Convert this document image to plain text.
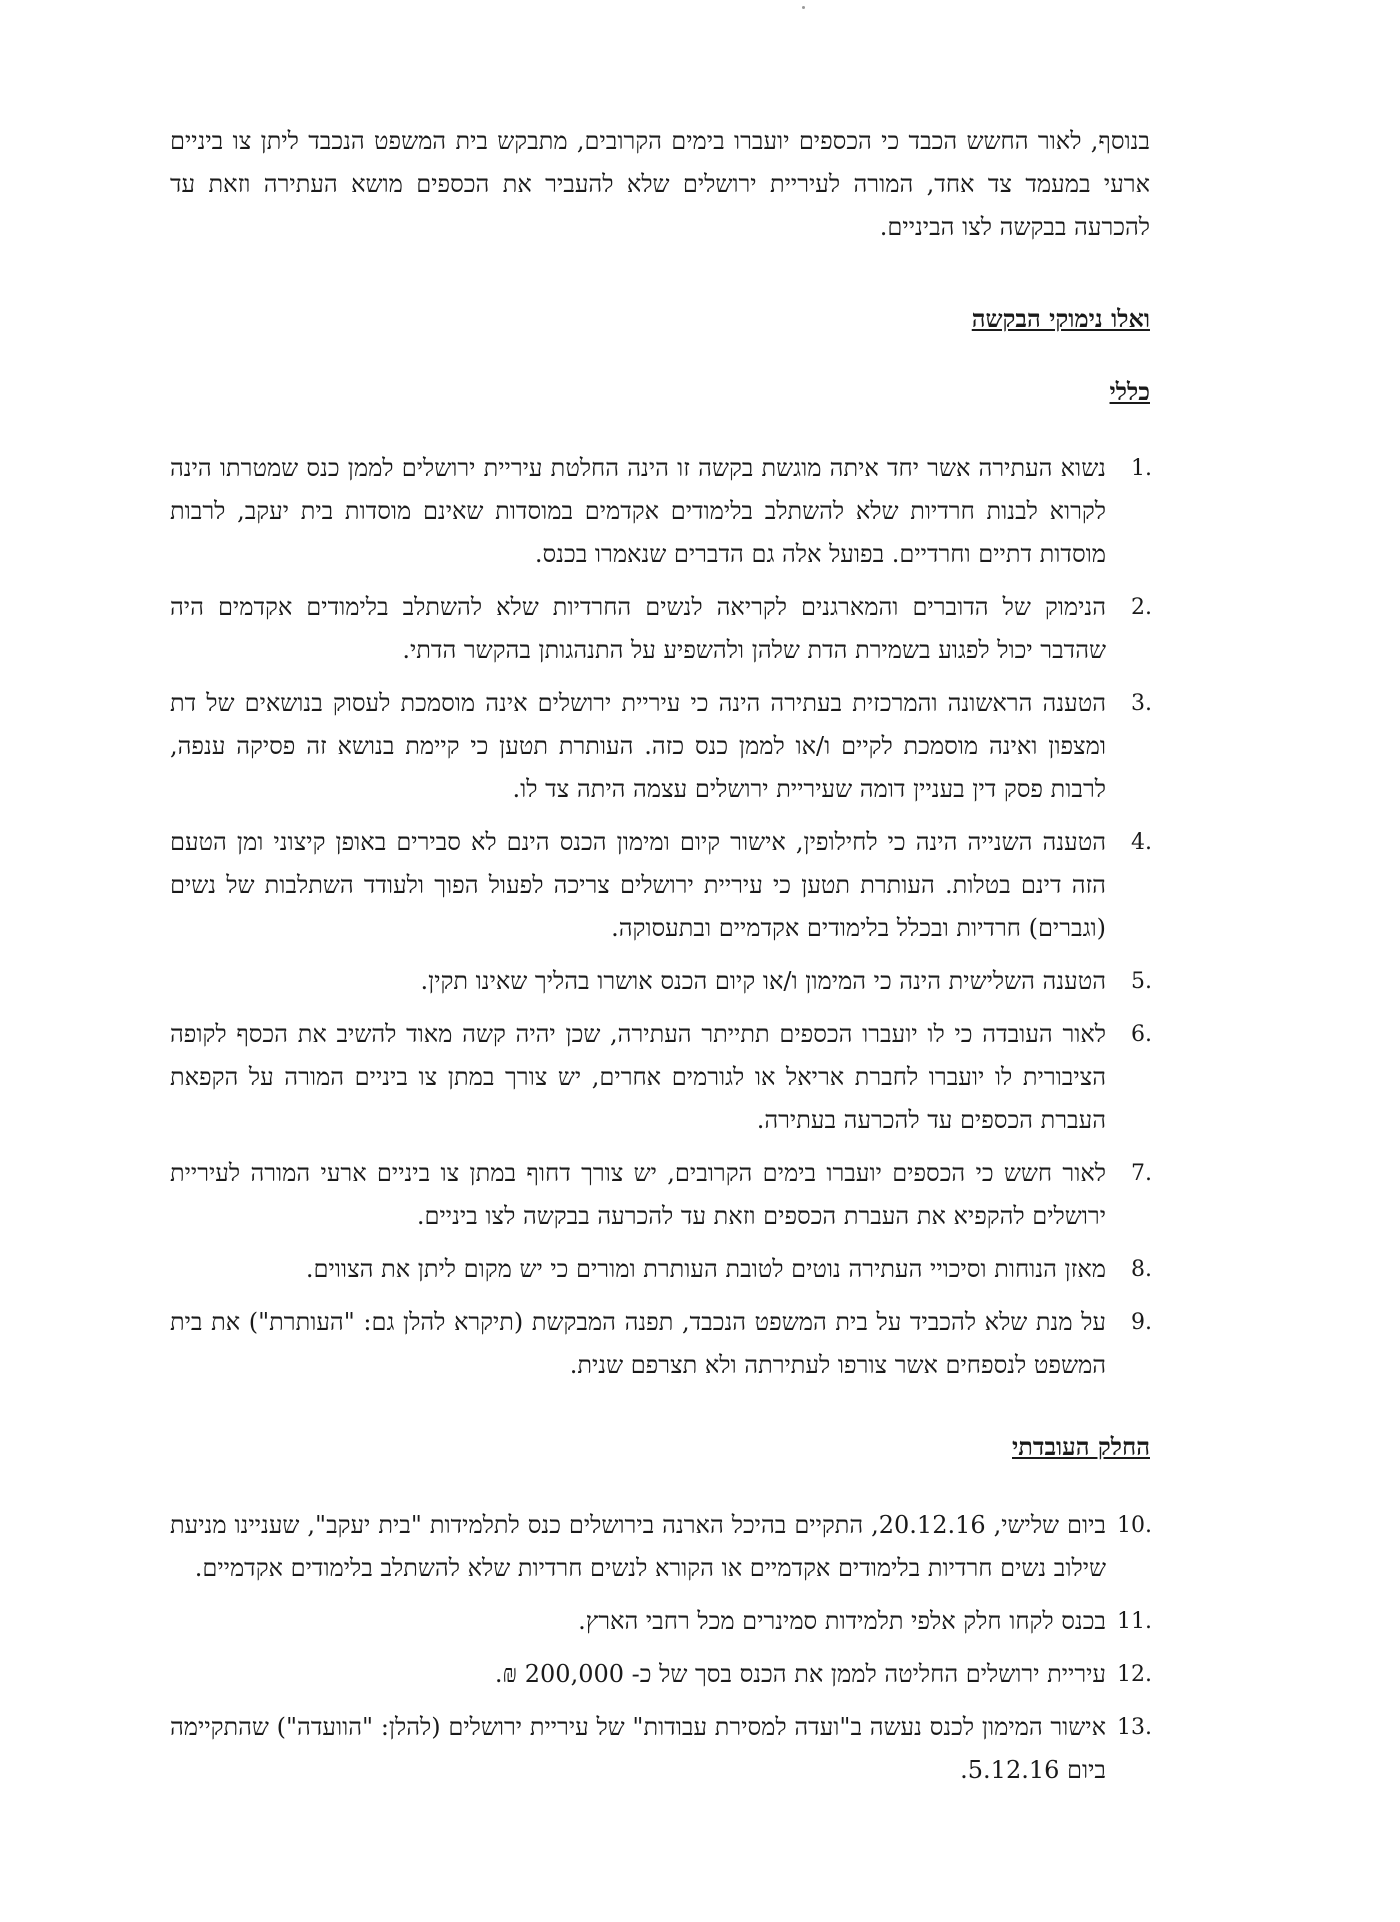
בנוסף, לאור החשש הכבד כי הכספים יועברו בימים הקרובים, מתבקש בית המשפט הנכבד ליתן צו ביניים ארעי במעמד צד אחד, המורה לעיריית ירושלים שלא להעביר את הכספים מושא העתירה וזאת עד להכרעה בבקשה לצו הביניים.

ואלו נימוקי הבקשה
כללי
1.
נשוא העתירה אשר יחד איתה מוגשת בקשה זו הינה החלטת עיריית ירושלים לממן כנס שמטרתו הינה לקרוא לבנות חרדיות שלא להשתלב בלימודים אקדמים במוסדות שאינם מוסדות בית יעקב, לרבות מוסדות דתיים וחרדיים. בפועל אלה גם הדברים שנאמרו בכנס.
2.
הנימוק של הדוברים והמארגנים לקריאה לנשים החרדיות שלא להשתלב בלימודים אקדמים היה שהדבר יכול לפגוע בשמירת הדת שלהן ולהשפיע על התנהגותן בהקשר הדתי.
3.
הטענה הראשונה והמרכזית בעתירה הינה כי עיריית ירושלים אינה מוסמכת לעסוק בנושאים של דת ומצפון ואינה מוסמכת לקיים ו/או לממן כנס כזה. העותרת תטען כי קיימת בנושא זה פסיקה ענפה, לרבות פסק דין בעניין דומה שעיריית ירושלים עצמה היתה צד לו.
4.
הטענה השנייה הינה כי לחילופין, אישור קיום ומימון הכנס הינם לא סבירים באופן קיצוני ומן הטעם הזה דינם בטלות. העותרת תטען כי עיריית ירושלים צריכה לפעול הפוך ולעודד השתלבות של נשים (וגברים) חרדיות ובכלל בלימודים אקדמיים ובתעסוקה.
5.
הטענה השלישית הינה כי המימון ו/או קיום הכנס אושרו בהליך שאינו תקין.
6.
לאור העובדה כי לו יועברו הכספים תתייתר העתירה, שכן יהיה קשה מאוד להשיב את הכסף לקופה הציבורית לו יועברו לחברת אריאל או לגורמים אחרים, יש צורך במתן צו ביניים המורה על הקפאת העברת הכספים עד להכרעה בעתירה.
7.
לאור חשש כי הכספים יועברו בימים הקרובים, יש צורך דחוף במתן צו ביניים ארעי המורה לעיריית ירושלים להקפיא את העברת הכספים וזאת עד להכרעה בבקשה לצו ביניים.
8.
מאזן הנוחות וסיכויי העתירה נוטים לטובת העותרת ומורים כי יש מקום ליתן את הצווים.
9.
על מנת שלא להכביד על בית המשפט הנכבד, תפנה המבקשת (תיקרא להלן גם: "העותרת") את בית המשפט לנספחים אשר צורפו לעתירתה ולא תצרפם שנית.
החלק העובדתי
10.
ביום שלישי, 20.12.16, התקיים בהיכל הארנה בירושלים כנס לתלמידות "בית יעקב", שעניינו מניעת שילוב נשים חרדיות בלימודים אקדמיים או הקורא לנשים חרדיות שלא להשתלב בלימודים אקדמיים.
11.
בכנס לקחו חלק אלפי תלמידות סמינרים מכל רחבי הארץ.
12.
עיריית ירושלים החליטה לממן את הכנס בסך של כ- 200,000 ₪.
13.
אישור המימון לכנס נעשה ב"ועדה למסירת עבודות" של עיריית ירושלים (להלן: "הוועדה") שהתקיימה ביום 5.12.16.
